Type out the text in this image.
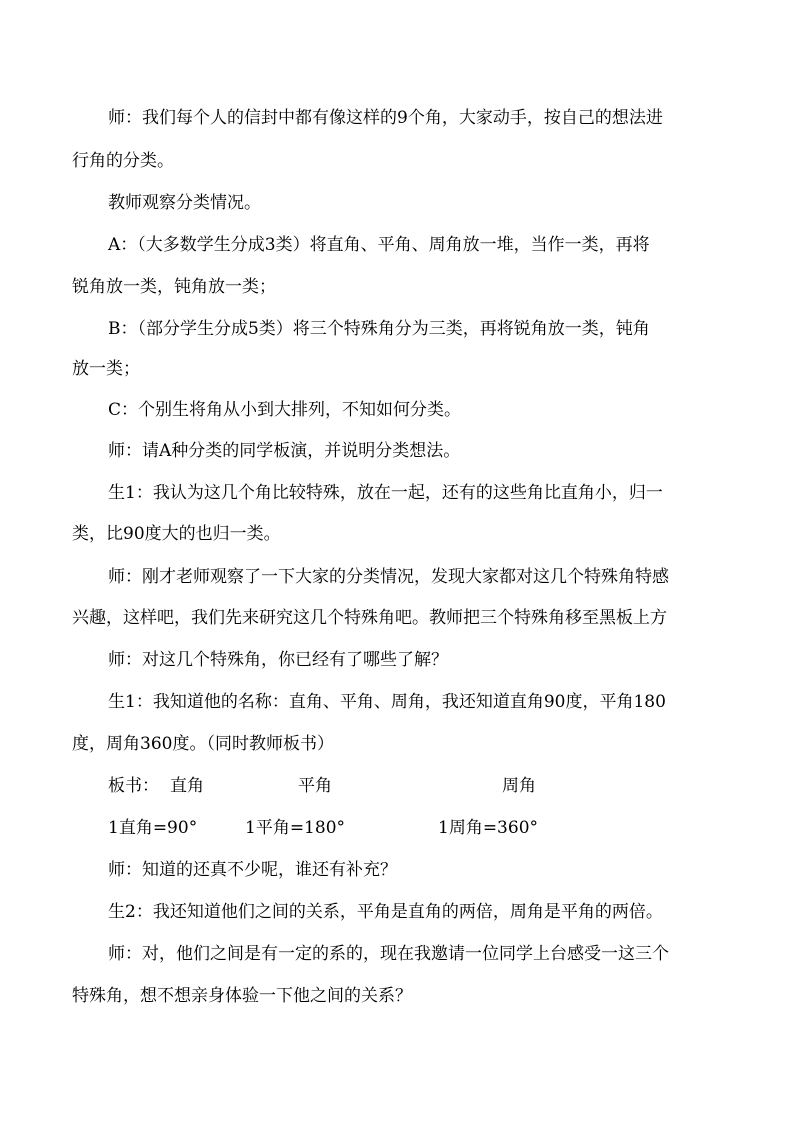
师：我们每个人的信封中都有像这样的9个角，大家动手，按自己的想法进
行角的分类。
教师观察分类情况。
A：（大多数学生分成3类）将直角、平角、周角放一堆，当作一类，再将
锐角放一类，钝角放一类；
B：（部分学生分成5类）将三个特殊角分为三类，再将锐角放一类，钝角
放一类；
C：个别生将角从小到大排列，不知如何分类。
师：请A种分类的同学板演，并说明分类想法。
生1：我认为这几个角比较特殊，放在一起，还有的这些角比直角小，归一
类，比90度大的也归一类。
师：刚才老师观察了一下大家的分类情况，发现大家都对这几个特殊角特感
兴趣，这样吧，我们先来研究这几个特殊角吧。教师把三个特殊角移至黑板上方
师：对这几个特殊角，你已经有了哪些了解？
生1：我知道他的名称：直角、平角、周角，我还知道直角90度，平角180
度，周角360度。（同时教师板书）
板书： 直角	平角	周角
1直角=90°	1平角=180°	1周角=360°
师：知道的还真不少呢，谁还有补充？
生2：我还知道他们之间的关系，平角是直角的两倍，周角是平角的两倍。
师：对，他们之间是有一定的系的，现在我邀请一位同学上台感受一这三个
特殊角，想不想亲身体验一下他之间的关系？
